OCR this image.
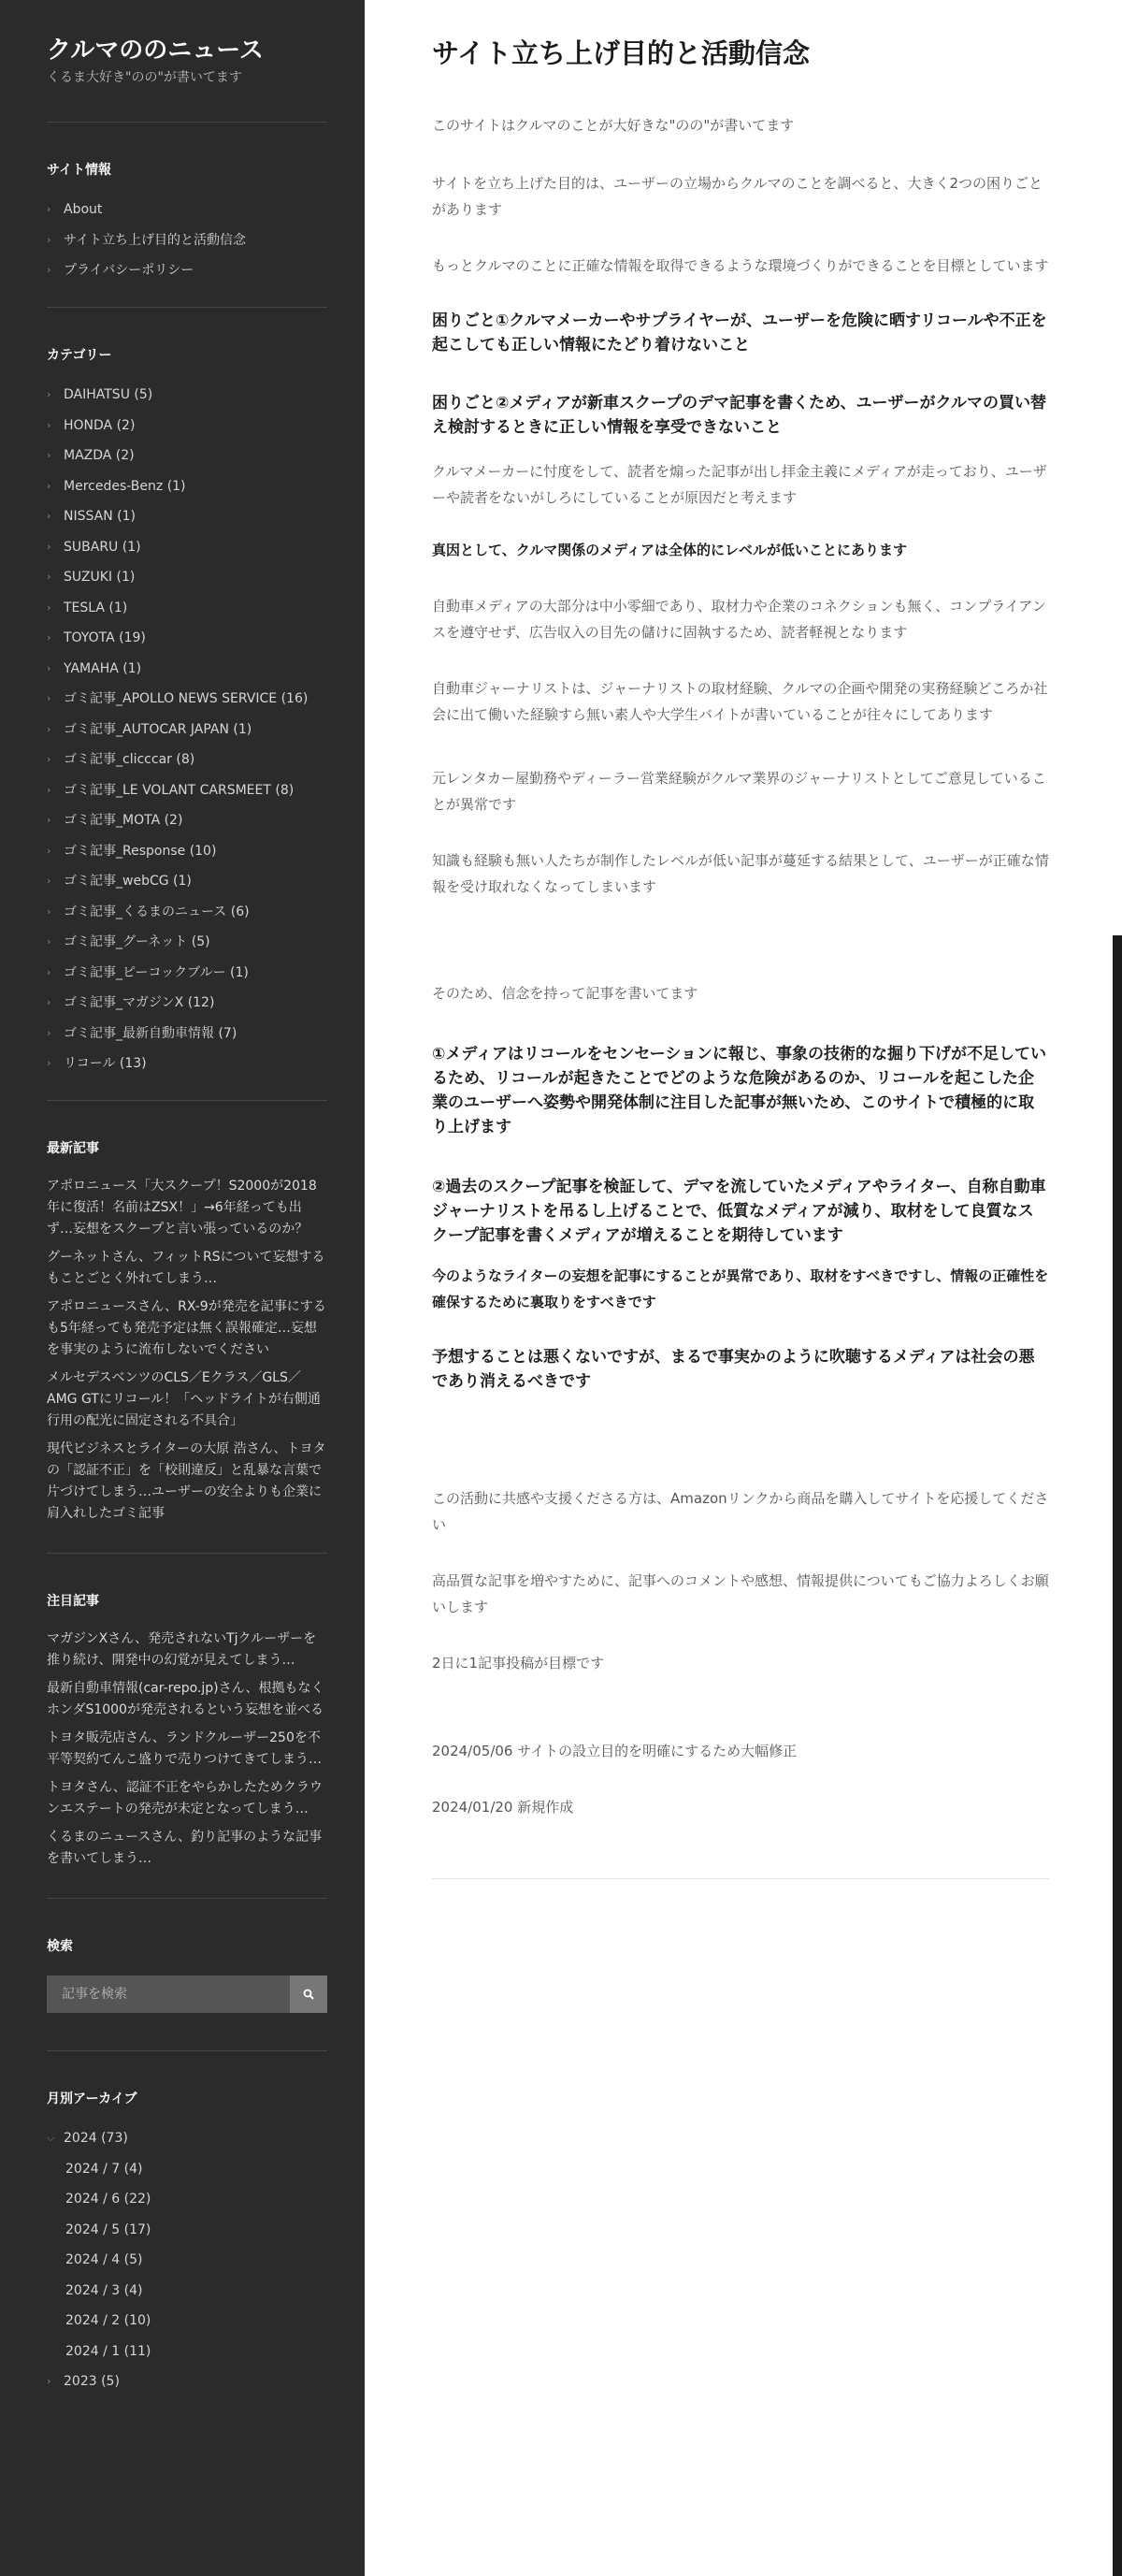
クルマののニュース
くるま大好き"のの"が書いてます
サイト情報
› About
› サイト立ち上げ目的と活動信念
› プライバシーポリシー
カテゴリー
› DAIHATSU (5)
› HONDA (2)
› MAZDA (2)
› Mercedes-Benz (1)
› NISSAN (1)
› SUBARU (1)
› SUZUKI (1)
› TESLA (1)
› TOYOTA (19)
› YAMAHA (1)
› ゴミ記事_APOLLO NEWS SERVICE (16)
› ゴミ記事_AUTOCAR JAPAN (1)
› ゴミ記事_clicccar (8)
› ゴミ記事_LE VOLANT CARSMEET (8)
› ゴミ記事_MOTA (2)
› ゴミ記事_Response (10)
› ゴミ記事_webCG (1)
› ゴミ記事_くるまのニュース (6)
› ゴミ記事_グーネット (5)
› ゴミ記事_ピーコックブルー (1)
› ゴミ記事_マガジンX (12)
› ゴミ記事_最新自動車情報 (7)
› リコール (13)
最新記事
アポロニュース「大スクープ！S2000が2018年に復活！名前はZSX！」→6年経っても出ず…妄想をスクープと言い張っているのか？
グーネットさん、フィットRSについて妄想するもことごとく外れてしまう…
アポロニュースさん、RX-9が発売を記事にするも5年経っても発売予定は無く誤報確定…妄想を事実のように流布しないでください
メルセデスベンツのCLS／Eクラス／GLS／AMG GTにリコール！「ヘッドライトが右側通行用の配光に固定される不具合」
現代ビジネスとライターの大原 浩さん、トヨタの「認証不正」を「校則違反」と乱暴な言葉で片づけてしまう…ユーザーの安全よりも企業に肩入れしたゴミ記事
注目記事
マガジンXさん、発売されないTjクルーザーを推り続け、開発中の幻覚が見えてしまう…
最新自動車情報(car-repo.jp)さん、根拠もなくホンダS1000が発売されるという妄想を並べる
トヨタ販売店さん、ランドクルーザー250を不平等契約てんこ盛りで売りつけてきてしまう…
トヨタさん、認証不正をやらかしたためクラウンエステートの発売が未定となってしまう…
くるまのニュースさん、釣り記事のような記事を書いてしまう…
検索
記事を検索
月別アーカイブ
⌵ 2024 (73)
2024 / 7 (4)
2024 / 6 (22)
2024 / 5 (17)
2024 / 4 (5)
2024 / 3 (4)
2024 / 2 (10)
2024 / 1 (11)
› 2023 (5)
サイト立ち上げ目的と活動信念

このサイトはクルマのことが大好きな"のの"が書いてます

サイトを立ち上げた目的は、ユーザーの立場からクルマのことを調べると、大きく2つの困りごとがあります

もっとクルマのことに正確な情報を取得できるような環境づくりができることを目標としています

困りごと①クルマメーカーやサプライヤーが、ユーザーを危険に晒すリコールや不正を起こしても正しい情報にたどり着けないこと
困りごと②メディアが新車スクープのデマ記事を書くため、ユーザーがクルマの買い替え検討するときに正しい情報を享受できないこと

クルマメーカーに忖度をして、読者を煽った記事が出し拝金主義にメディアが走っており、ユーザーや読者をないがしろにしていることが原因だと考えます

真因として、クルマ関係のメディアは全体的にレベルが低いことにあります

自動車メディアの大部分は中小零細であり、取材力や企業のコネクションも無く、コンプライアンスを遵守せず、広告収入の目先の儲けに固執するため、読者軽視となります

自動車ジャーナリストは、ジャーナリストの取材経験、クルマの企画や開発の実務経験どころか社会に出て働いた経験すら無い素人や大学生バイトが書いていることが往々にしてあります

元レンタカー屋勤務やディーラー営業経験がクルマ業界のジャーナリストとしてご意見していることが異常です

知識も経験も無い人たちが制作したレベルが低い記事が蔓延する結果として、ユーザーが正確な情報を受け取れなくなってしまいます

そのため、信念を持って記事を書いてます

①メディアはリコールをセンセーションに報じ、事象の技術的な掘り下げが不足しているため、リコールが起きたことでどのような危険があるのか、リコールを起こした企業のユーザーへ姿勢や開発体制に注目した記事が無いため、このサイトで積極的に取り上げます
②過去のスクープ記事を検証して、デマを流していたメディアやライター、自称自動車ジャーナリストを吊るし上げることで、低質なメディアが減り、取材をして良質なスクープ記事を書くメディアが増えることを期待しています

今のようなライターの妄想を記事にすることが異常であり、取材をすべきですし、情報の正確性を確保するために裏取りをすべきです

予想することは悪くないですが、まるで事実かのように吹聴するメディアは社会の悪であり消えるべきです

この活動に共感や支援くださる方は、Amazonリンクから商品を購入してサイトを応援してください

高品質な記事を増やすために、記事へのコメントや感想、情報提供についてもご協力よろしくお願いします

2日に1記事投稿が目標です

2024/05/06 サイトの設立目的を明確にするため大幅修正

2024/01/20 新規作成
